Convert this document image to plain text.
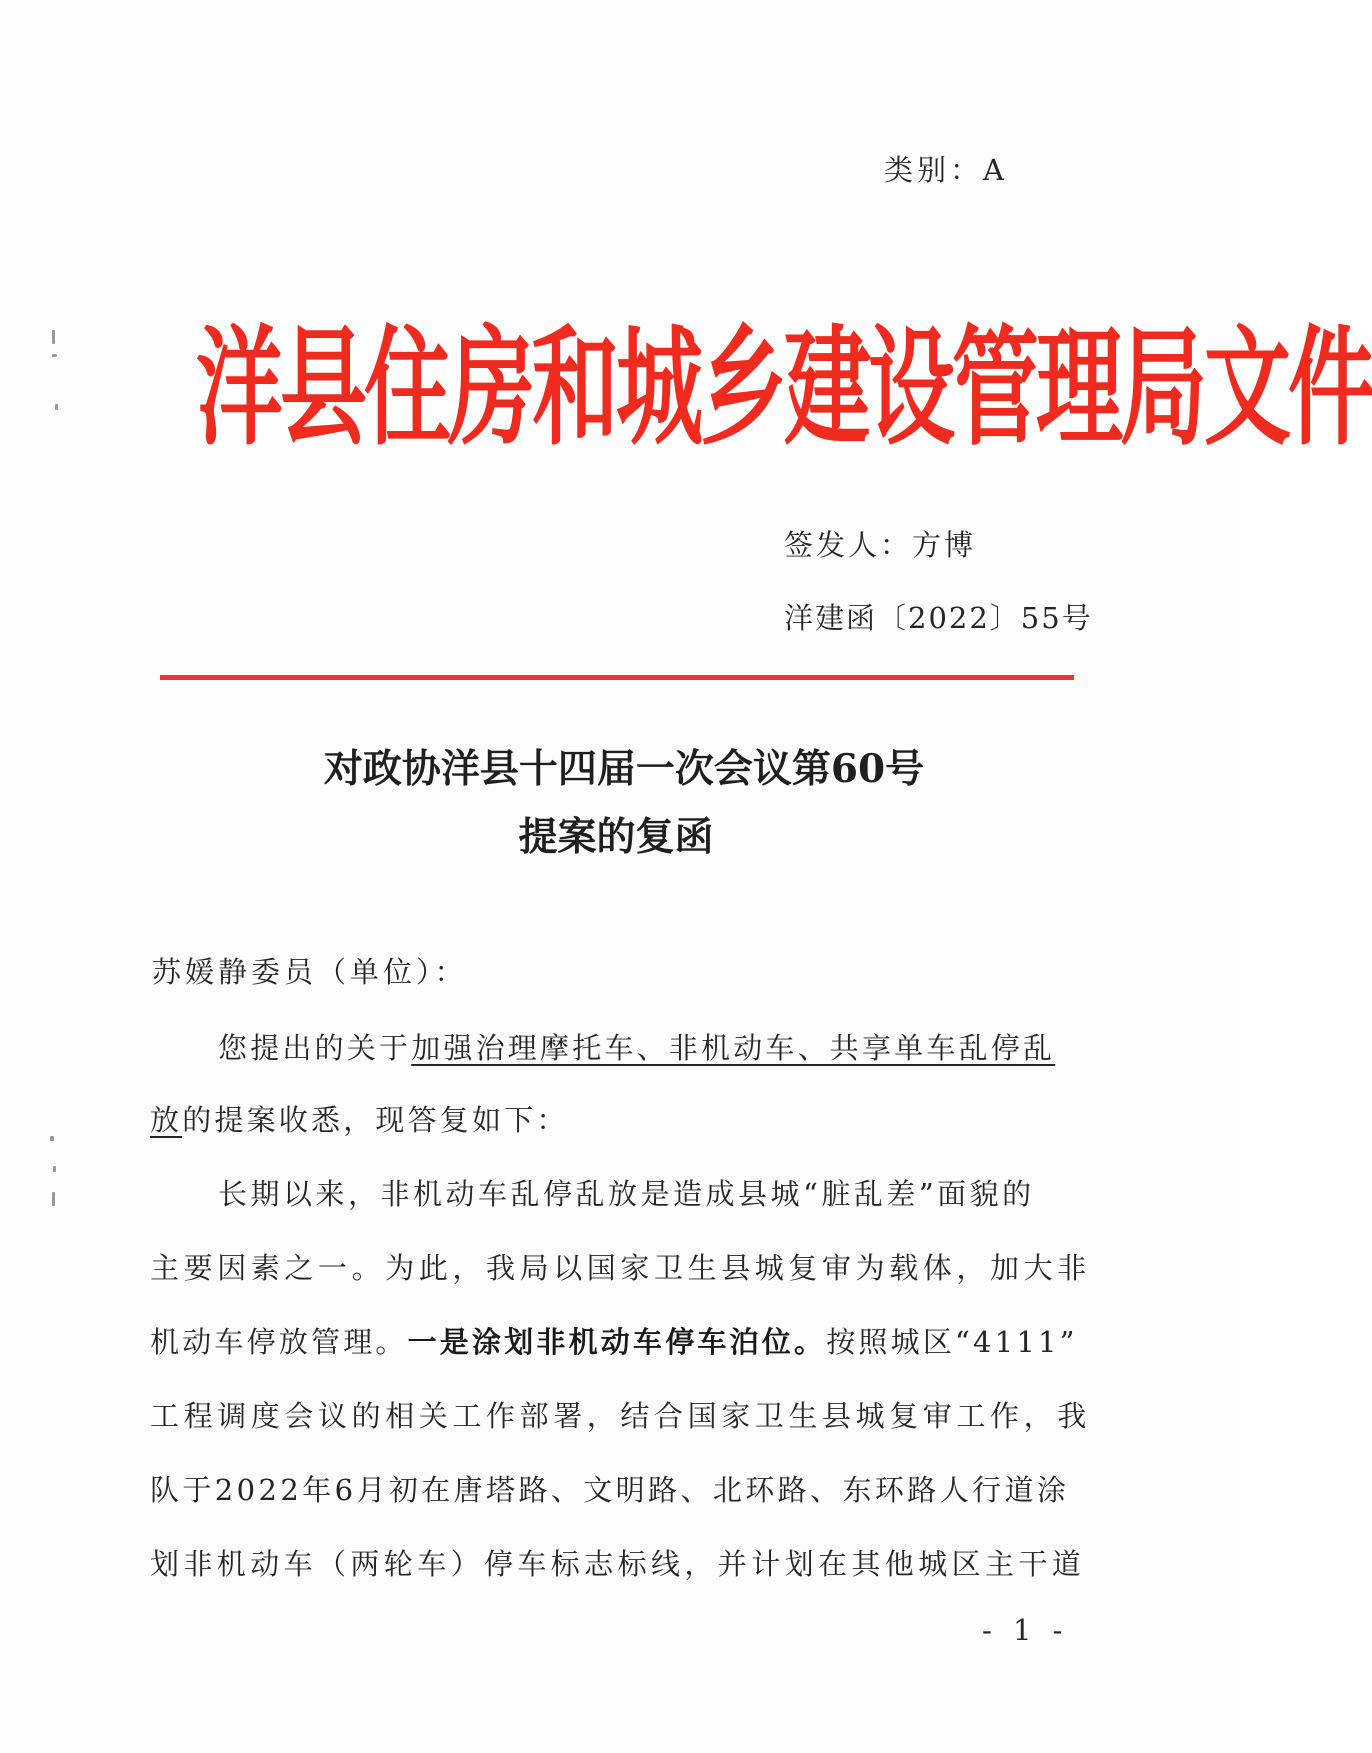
类别：A
洋县住房和城乡建设管理局文件
签发人：方博
洋建函〔2022〕55号
对政协洋县十四届一次会议第60号
提案的复函
苏媛静委员（单位）：
您提出的关于加强治理摩托车、非机动车、共享单车乱停乱
放的提案收悉，现答复如下：
长期以来，非机动车乱停乱放是造成县城“脏乱差”面貌的
主要因素之一。为此，我局以国家卫生县城复审为载体，加大非
机动车停放管理。一是涂划非机动车停车泊位。按照城区“4111”
工程调度会议的相关工作部署，结合国家卫生县城复审工作，我
队于2022年6月初在唐塔路、文明路、北环路、东环路人行道涂
划非机动车（两轮车）停车标志标线，并计划在其他城区主干道
- 1 -
